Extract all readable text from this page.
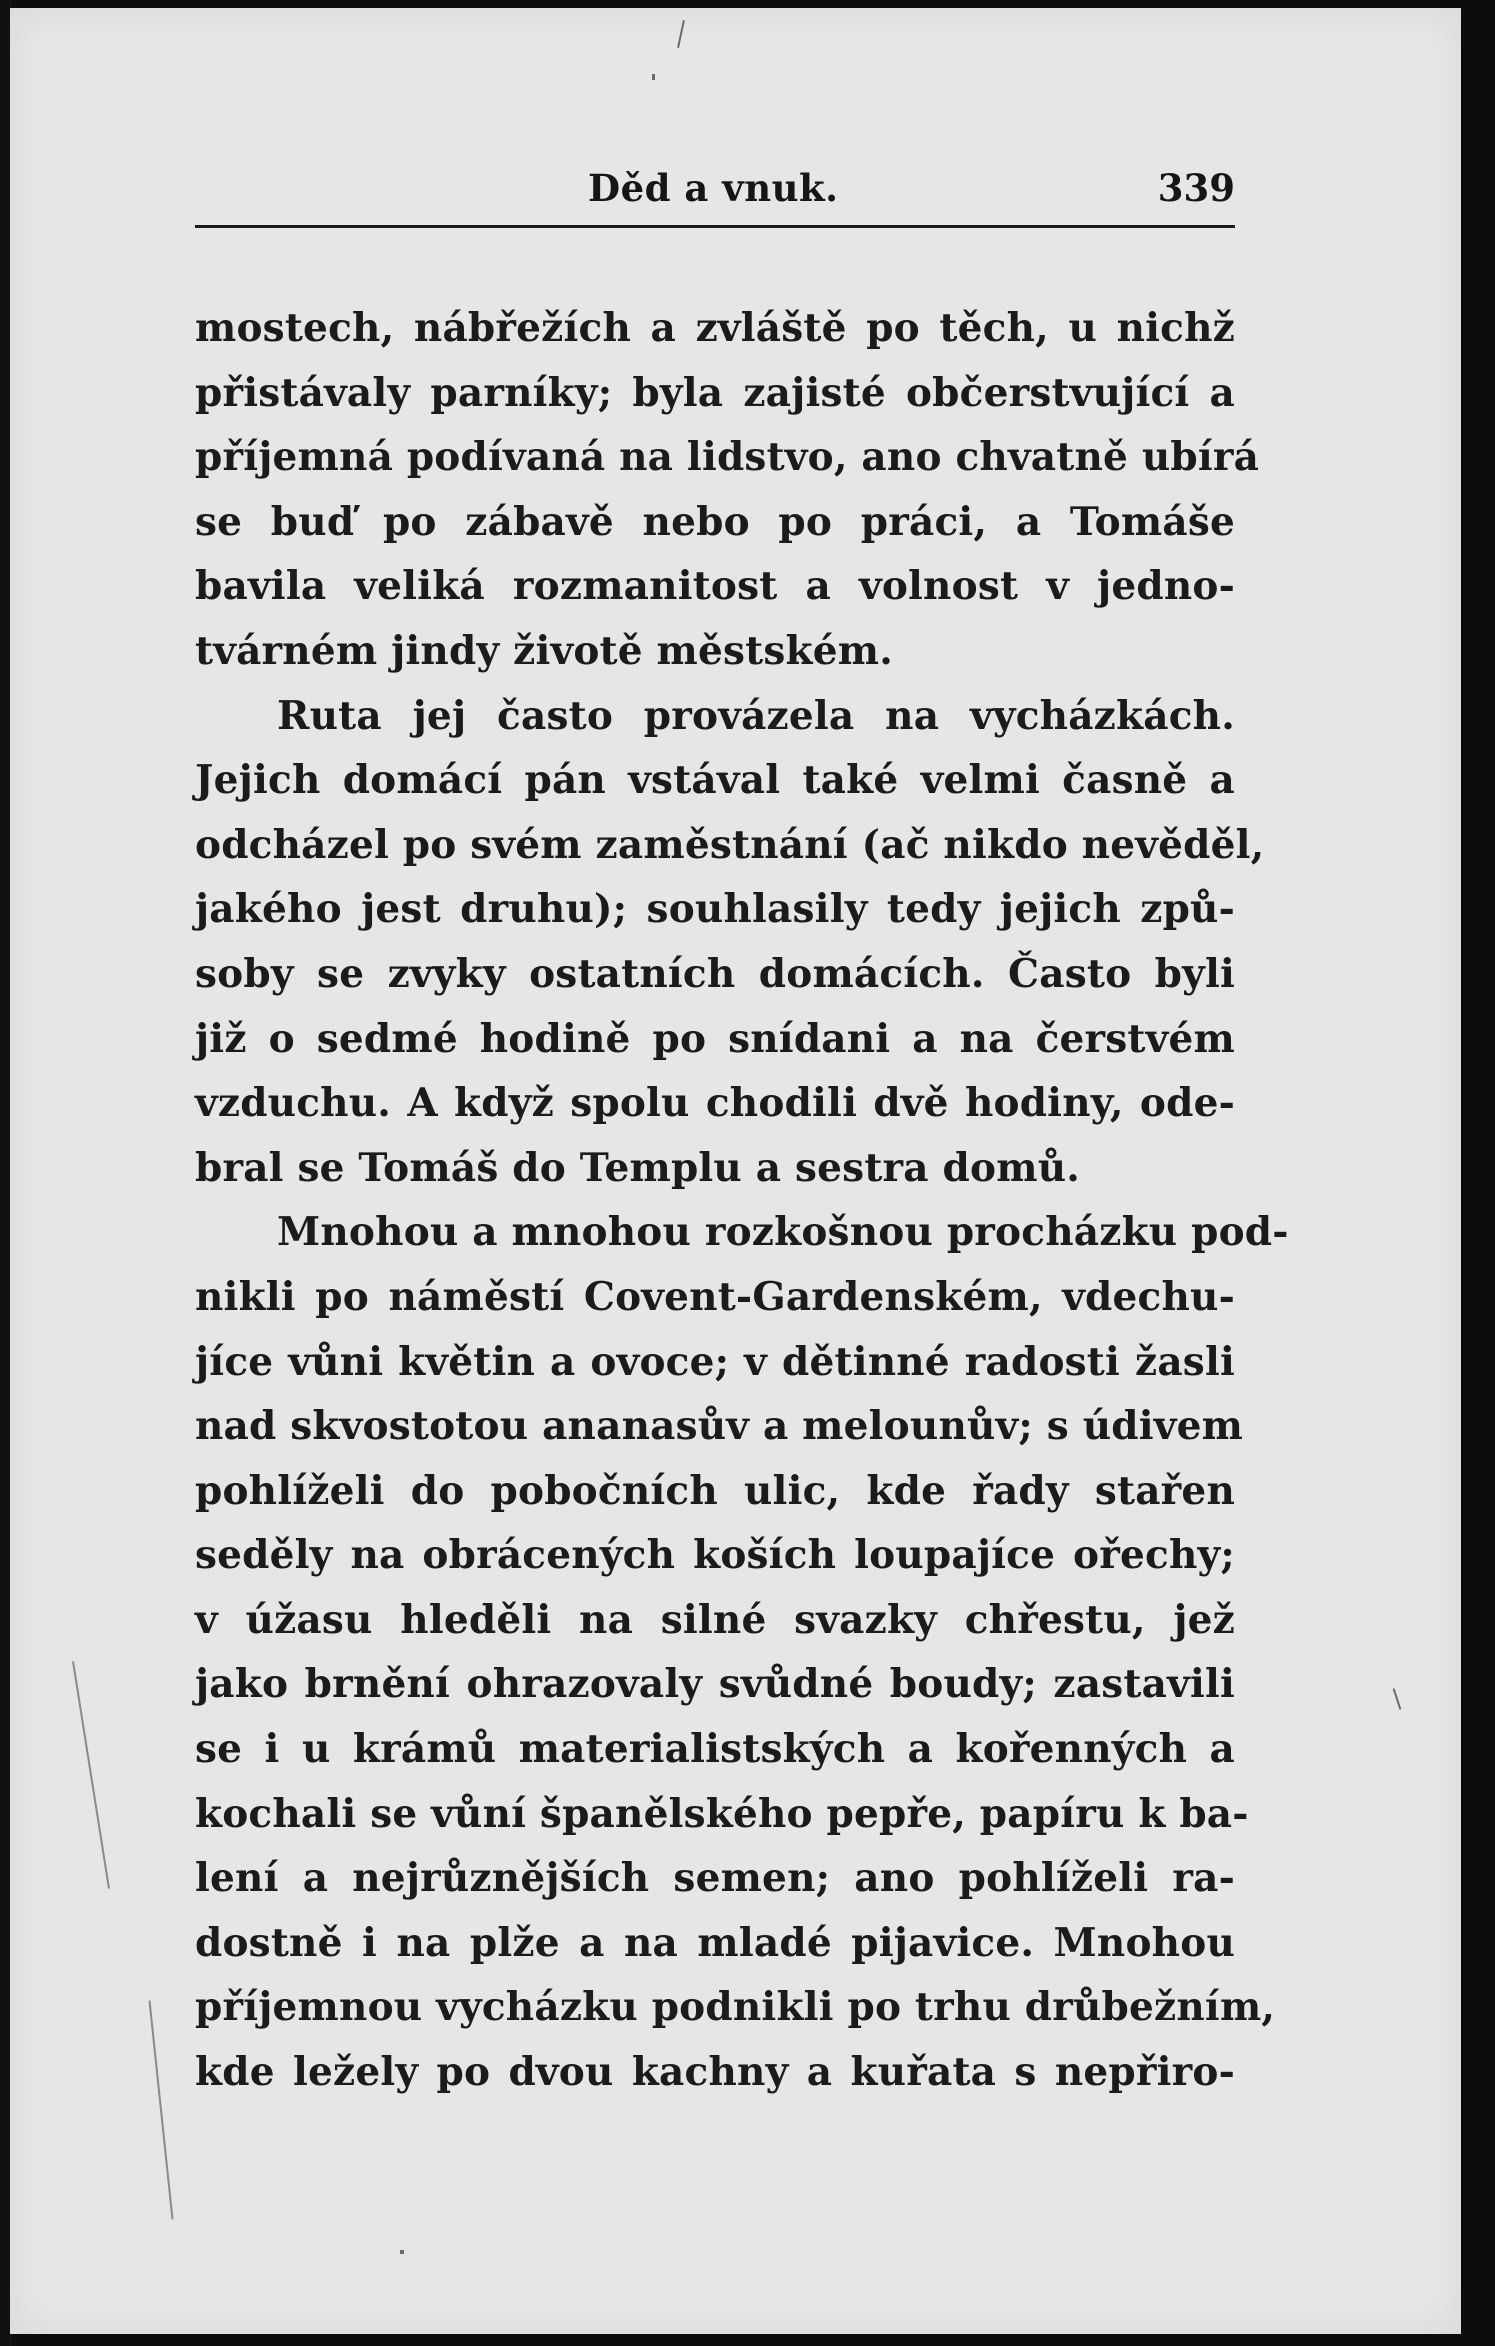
Děd a vnuk.	339
mostech, nábřežích a zvláště po těch, u nichž
přistávaly parníky; byla zajisté občerstvující a
příjemná podívaná na lidstvo, ano chvatně ubírá
se buď po zábavě nebo po práci, a Tomáše
bavila veliká rozmanitost a volnost v jedno-
tvárném jindy životě městském.
Ruta jej často provázela na vycházkách.
Jejich domácí pán vstával také velmi časně a
odcházel po svém zaměstnání (ač nikdo nevěděl,
jakého jest druhu); souhlasily tedy jejich způ-
soby se zvyky ostatních domácích. Často byli
již o sedmé hodině po snídani a na čerstvém
vzduchu. A když spolu chodili dvě hodiny, ode-
bral se Tomáš do Templu a sestra domů.
Mnohou a mnohou rozkošnou procházku pod-
nikli po náměstí Covent-Gardenském, vdechu-
jíce vůni květin a ovoce; v dětinné radosti žasli
nad skvostotou ananasův a melounův; s údivem
pohlíželi do pobočních ulic, kde řady stařen
seděly na obrácených koších loupajíce ořechy;
v úžasu hleděli na silné svazky chřestu, jež
jako brnění ohrazovaly svůdné boudy; zastavili
se i u krámů materialistských a kořenných a
kochali se vůní španělského pepře, papíru k ba-
lení a nejrůznějších semen; ano pohlíželi ra-
dostně i na plže a na mladé pijavice. Mnohou
příjemnou vycházku podnikli po trhu drůbežním,
kde ležely po dvou kachny a kuřata s nepřiro-
